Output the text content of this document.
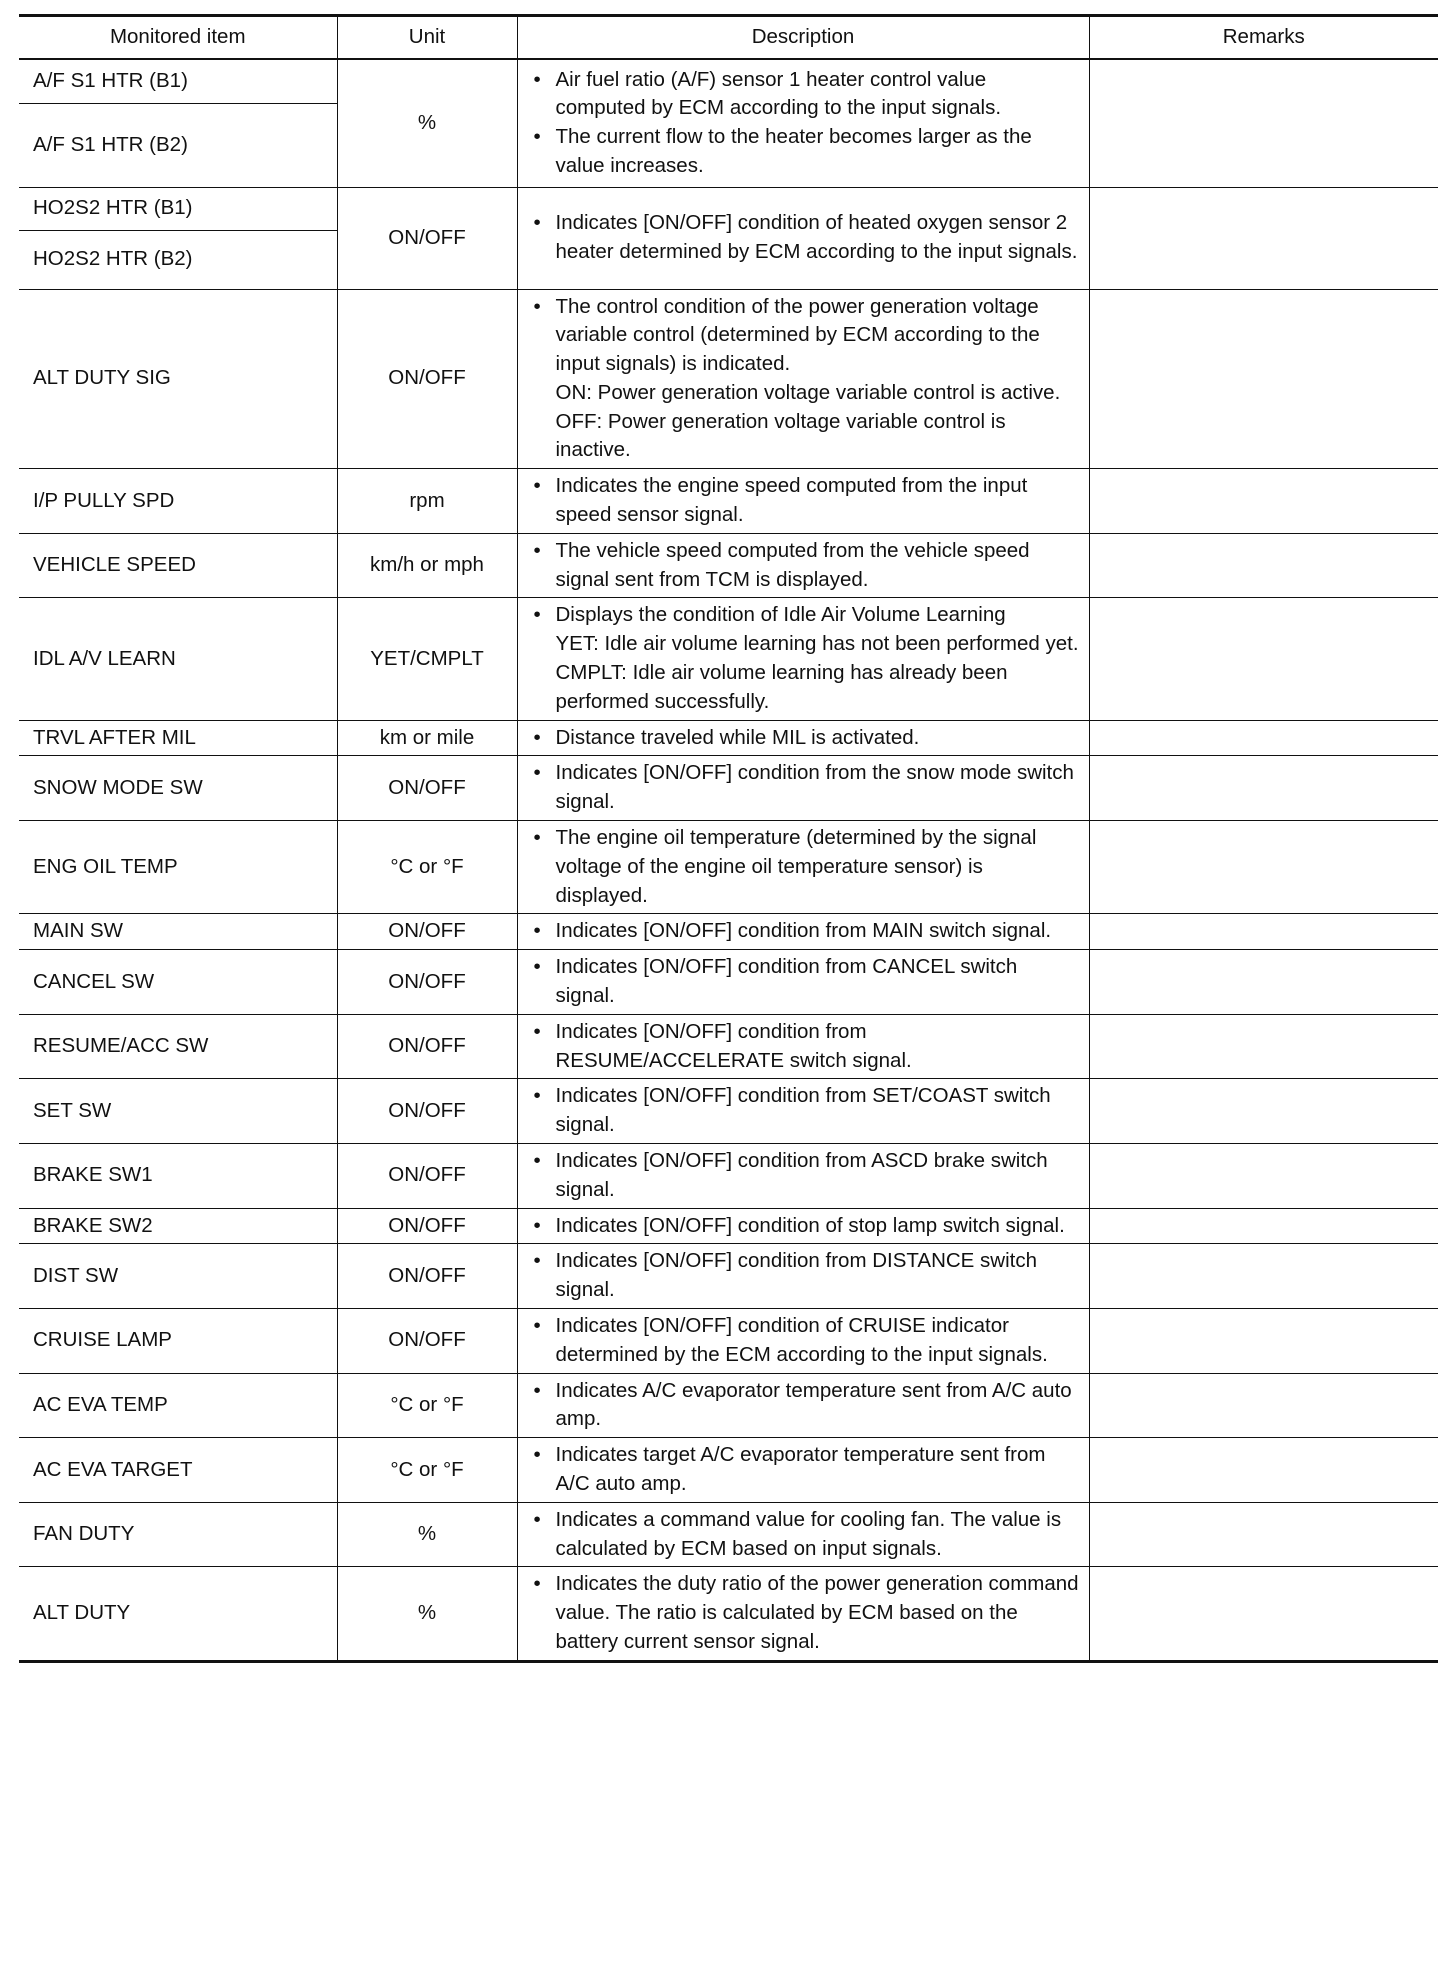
Monitored item	Unit	Description	Remarks
A/F S1 HTR (B1)	%	• Air fuel ratio (A/F) sensor 1 heater control value computed by ECM according to the input signals.
• The current flow to the heater becomes larger as the value increases.

A/F S1 HTR (B2)			
HO2S2 HTR (B1)	ON/OFF	• Indicates [ON/OFF] condition of heated oxygen sensor 2 heater determined by ECM according to the input signals.

HO2S2 HTR (B2)			
ALT DUTY SIG	ON/OFF	• The control condition of the power generation voltage variable control (determined by ECM according to the input signals) is indicated.
ON: Power generation voltage variable control is active.
OFF: Power generation voltage variable control is inactive.

I/P PULLY SPD	rpm	• Indicates the engine speed computed from the input speed sensor signal.

VEHICLE SPEED	km/h or mph	• The vehicle speed computed from the vehicle speed signal sent from TCM is displayed.

IDL A/V LEARN	YET/CMPLT	• Displays the condition of Idle Air Volume Learning
YET: Idle air volume learning has not been performed yet.
CMPLT: Idle air volume learning has already been performed successfully.

TRVL AFTER MIL	km or mile	• Distance traveled while MIL is activated.

SNOW MODE SW	ON/OFF	• Indicates [ON/OFF] condition from the snow mode switch signal.

ENG OIL TEMP	°C or °F	• The engine oil temperature (determined by the signal voltage of the engine oil temperature sensor) is displayed.

MAIN SW	ON/OFF	• Indicates [ON/OFF] condition from MAIN switch signal.

CANCEL SW	ON/OFF	• Indicates [ON/OFF] condition from CANCEL switch signal.

RESUME/ACC SW	ON/OFF	• Indicates [ON/OFF] condition from RESUME/ACCELERATE switch signal.

SET SW	ON/OFF	• Indicates [ON/OFF] condition from SET/COAST switch signal.

BRAKE SW1	ON/OFF	• Indicates [ON/OFF] condition from ASCD brake switch signal.

BRAKE SW2	ON/OFF	• Indicates [ON/OFF] condition of stop lamp switch signal.

DIST SW	ON/OFF	• Indicates [ON/OFF] condition from DISTANCE switch signal.

CRUISE LAMP	ON/OFF	• Indicates [ON/OFF] condition of CRUISE indicator determined by the ECM according to the input signals.

AC EVA TEMP	°C or °F	• Indicates A/C evaporator temperature sent from A/C auto amp.

AC EVA TARGET	°C or °F	• Indicates target A/C evaporator temperature sent from A/C auto amp.

FAN DUTY	%	• Indicates a command value for cooling fan. The value is calculated by ECM based on input signals.

ALT DUTY	%	• Indicates the duty ratio of the power generation command value. The ratio is calculated by ECM based on the battery current sensor signal.
